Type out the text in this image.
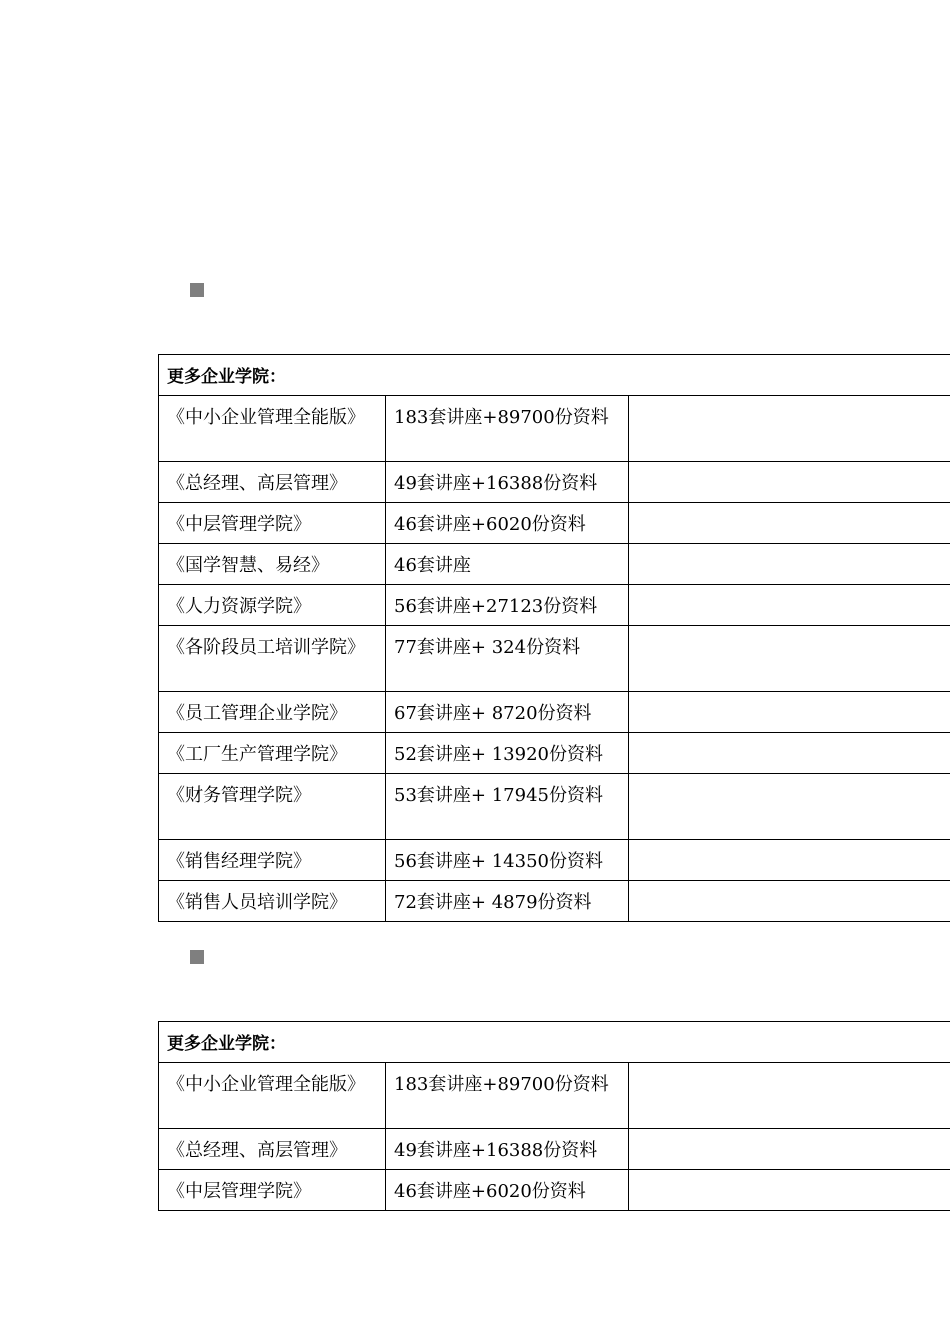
更多企业学院：		
《中小企业管理全能版》	183套讲座+89700份资料	
《总经理、高层管理》	49套讲座+16388份资料	
《中层管理学院》	46套讲座+6020份资料	
《国学智慧、易经》	46套讲座	
《人力资源学院》	56套讲座+27123份资料	
《各阶段员工培训学院》	77套讲座+ 324份资料	
《员工管理企业学院》	67套讲座+ 8720份资料	
《工厂生产管理学院》	52套讲座+ 13920份资料	
《财务管理学院》	53套讲座+ 17945份资料	
《销售经理学院》	56套讲座+ 14350份资料	
《销售人员培训学院》	72套讲座+ 4879份资料	
更多企业学院：		
《中小企业管理全能版》	183套讲座+89700份资料	
《总经理、高层管理》	49套讲座+16388份资料	
《中层管理学院》	46套讲座+6020份资料	
